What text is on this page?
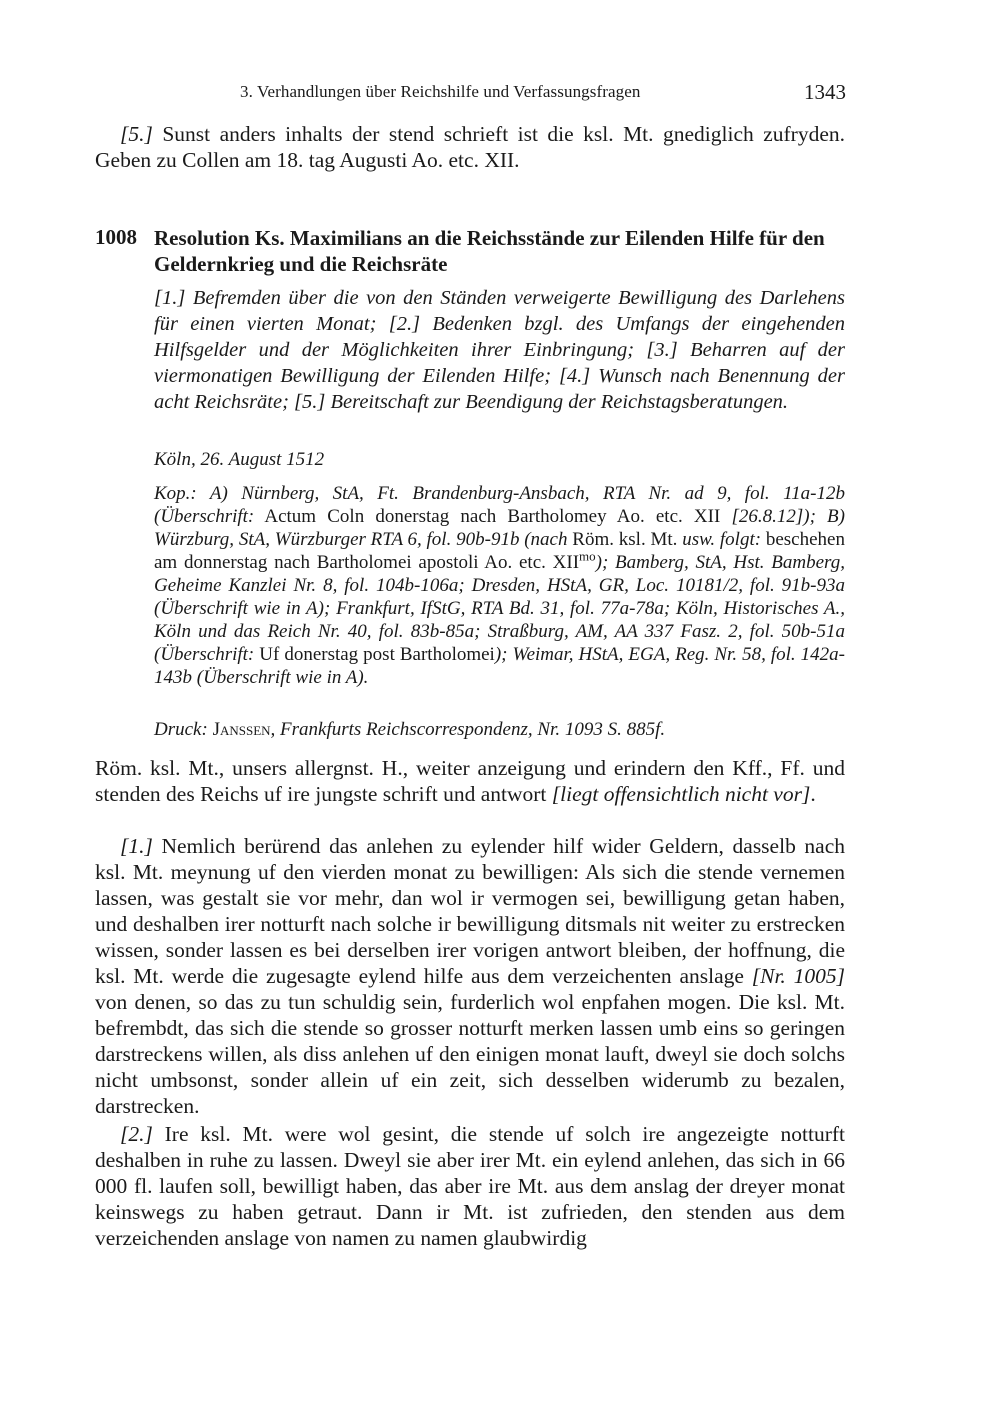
3. Verhandlungen über Reichshilfe und Verfassungsfragen	1343

[5.] Sunst anders inhalts der stend schrieft ist die ksl. Mt. gnediglich zufryden. Geben zu Collen am 18. tag Augusti Ao. etc. XII.

1008 Resolution Ks. Maximilians an die Reichsstände zur Eilenden Hilfe für den Geldernkrieg und die Reichsräte

[1.] Befremden über die von den Ständen verweigerte Bewilligung des Darlehens für einen vierten Monat; [2.] Bedenken bzgl. des Umfangs der eingehenden Hilfsgelder und der Möglichkeiten ihrer Einbringung; [3.] Beharren auf der viermonatigen Bewilligung der Eilenden Hilfe; [4.] Wunsch nach Benennung der acht Reichsräte; [5.] Bereitschaft zur Beendigung der Reichstagsberatungen.

Köln, 26. August 1512

Kop.: A) Nürnberg, StA, Ft. Brandenburg-Ansbach, RTA Nr. ad 9, fol. 11a-12b (Überschrift: Actum Coln donerstag nach Bartholomey Ao. etc. XII [26.8.12]); B) Würzburg, StA, Würzburger RTA 6, fol. 90b-91b (nach Röm. ksl. Mt. usw. folgt: beschehen am donnerstag nach Bartholomei apostoli Ao. etc. $XII^{mo}$); Bamberg, StA, Hst. Bamberg, Geheime Kanzlei Nr. 8, fol. 104b-106a; Dresden, HStA, GR, Loc. 10181/2, fol. 91b-93a (Überschrift wie in A); Frankfurt, IfStG, RTA Bd. 31, fol. 77a-78a; Köln, Historisches A., Köln und das Reich Nr. 40, fol. 83b-85a; Straßburg, AM, AA 337 Fasz. 2, fol. 50b-51a (Überschrift: Uf donerstag post Bartholomei); Weimar, HStA, EGA, Reg. Nr. 58, fol. 142a-143b (Überschrift wie in A).

Druck: Janssen, Frankfurts Reichscorrespondenz, Nr. 1093 S. 885f.

Röm. ksl. Mt., unsers allergnst. H., weiter anzeigung und erindern den Kff., Ff. und stenden des Reichs uf ire jungste schrift und antwort [liegt offensichtlich nicht vor].

[1.] Nemlich berürend das anlehen zu eylender hilf wider Geldern, dasselb nach ksl. Mt. meynung uf den vierden monat zu bewilligen: Als sich die stende vernemen lassen, was gestalt sie vor mehr, dan wol ir vermogen sei, bewilligung getan haben, und deshalben irer notturft nach solche ir bewilligung ditsmals nit weiter zu erstrecken wissen, sonder lassen es bei derselben irer vorigen antwort bleiben, der hoffnung, die ksl. Mt. werde die zugesagte eylend hilfe aus dem verzeichenten anslage [Nr. 1005] von denen, so das zu tun schuldig sein, furderlich wol enpfahen mogen. Die ksl. Mt. befrembdt, das sich die stende so grosser notturft merken lassen umb eins so geringen darstreckens willen, als diss anlehen uf den einigen monat lauft, dweyl sie doch solchs nicht umbsonst, sonder allein uf ein zeit, sich desselben widerumb zu bezalen, darstrecken.

[2.] Ire ksl. Mt. were wol gesint, die stende uf solch ire angezeigte notturft deshalben in ruhe zu lassen. Dweyl sie aber irer Mt. ein eylend anlehen, das sich in 66 000 fl. laufen soll, bewilligt haben, das aber ire Mt. aus dem anslag der dreyer monat keinswegs zu haben getraut. Dann ir Mt. ist zufrieden, den stenden aus dem verzeichenden anslage von namen zu namen glaubwirdig
